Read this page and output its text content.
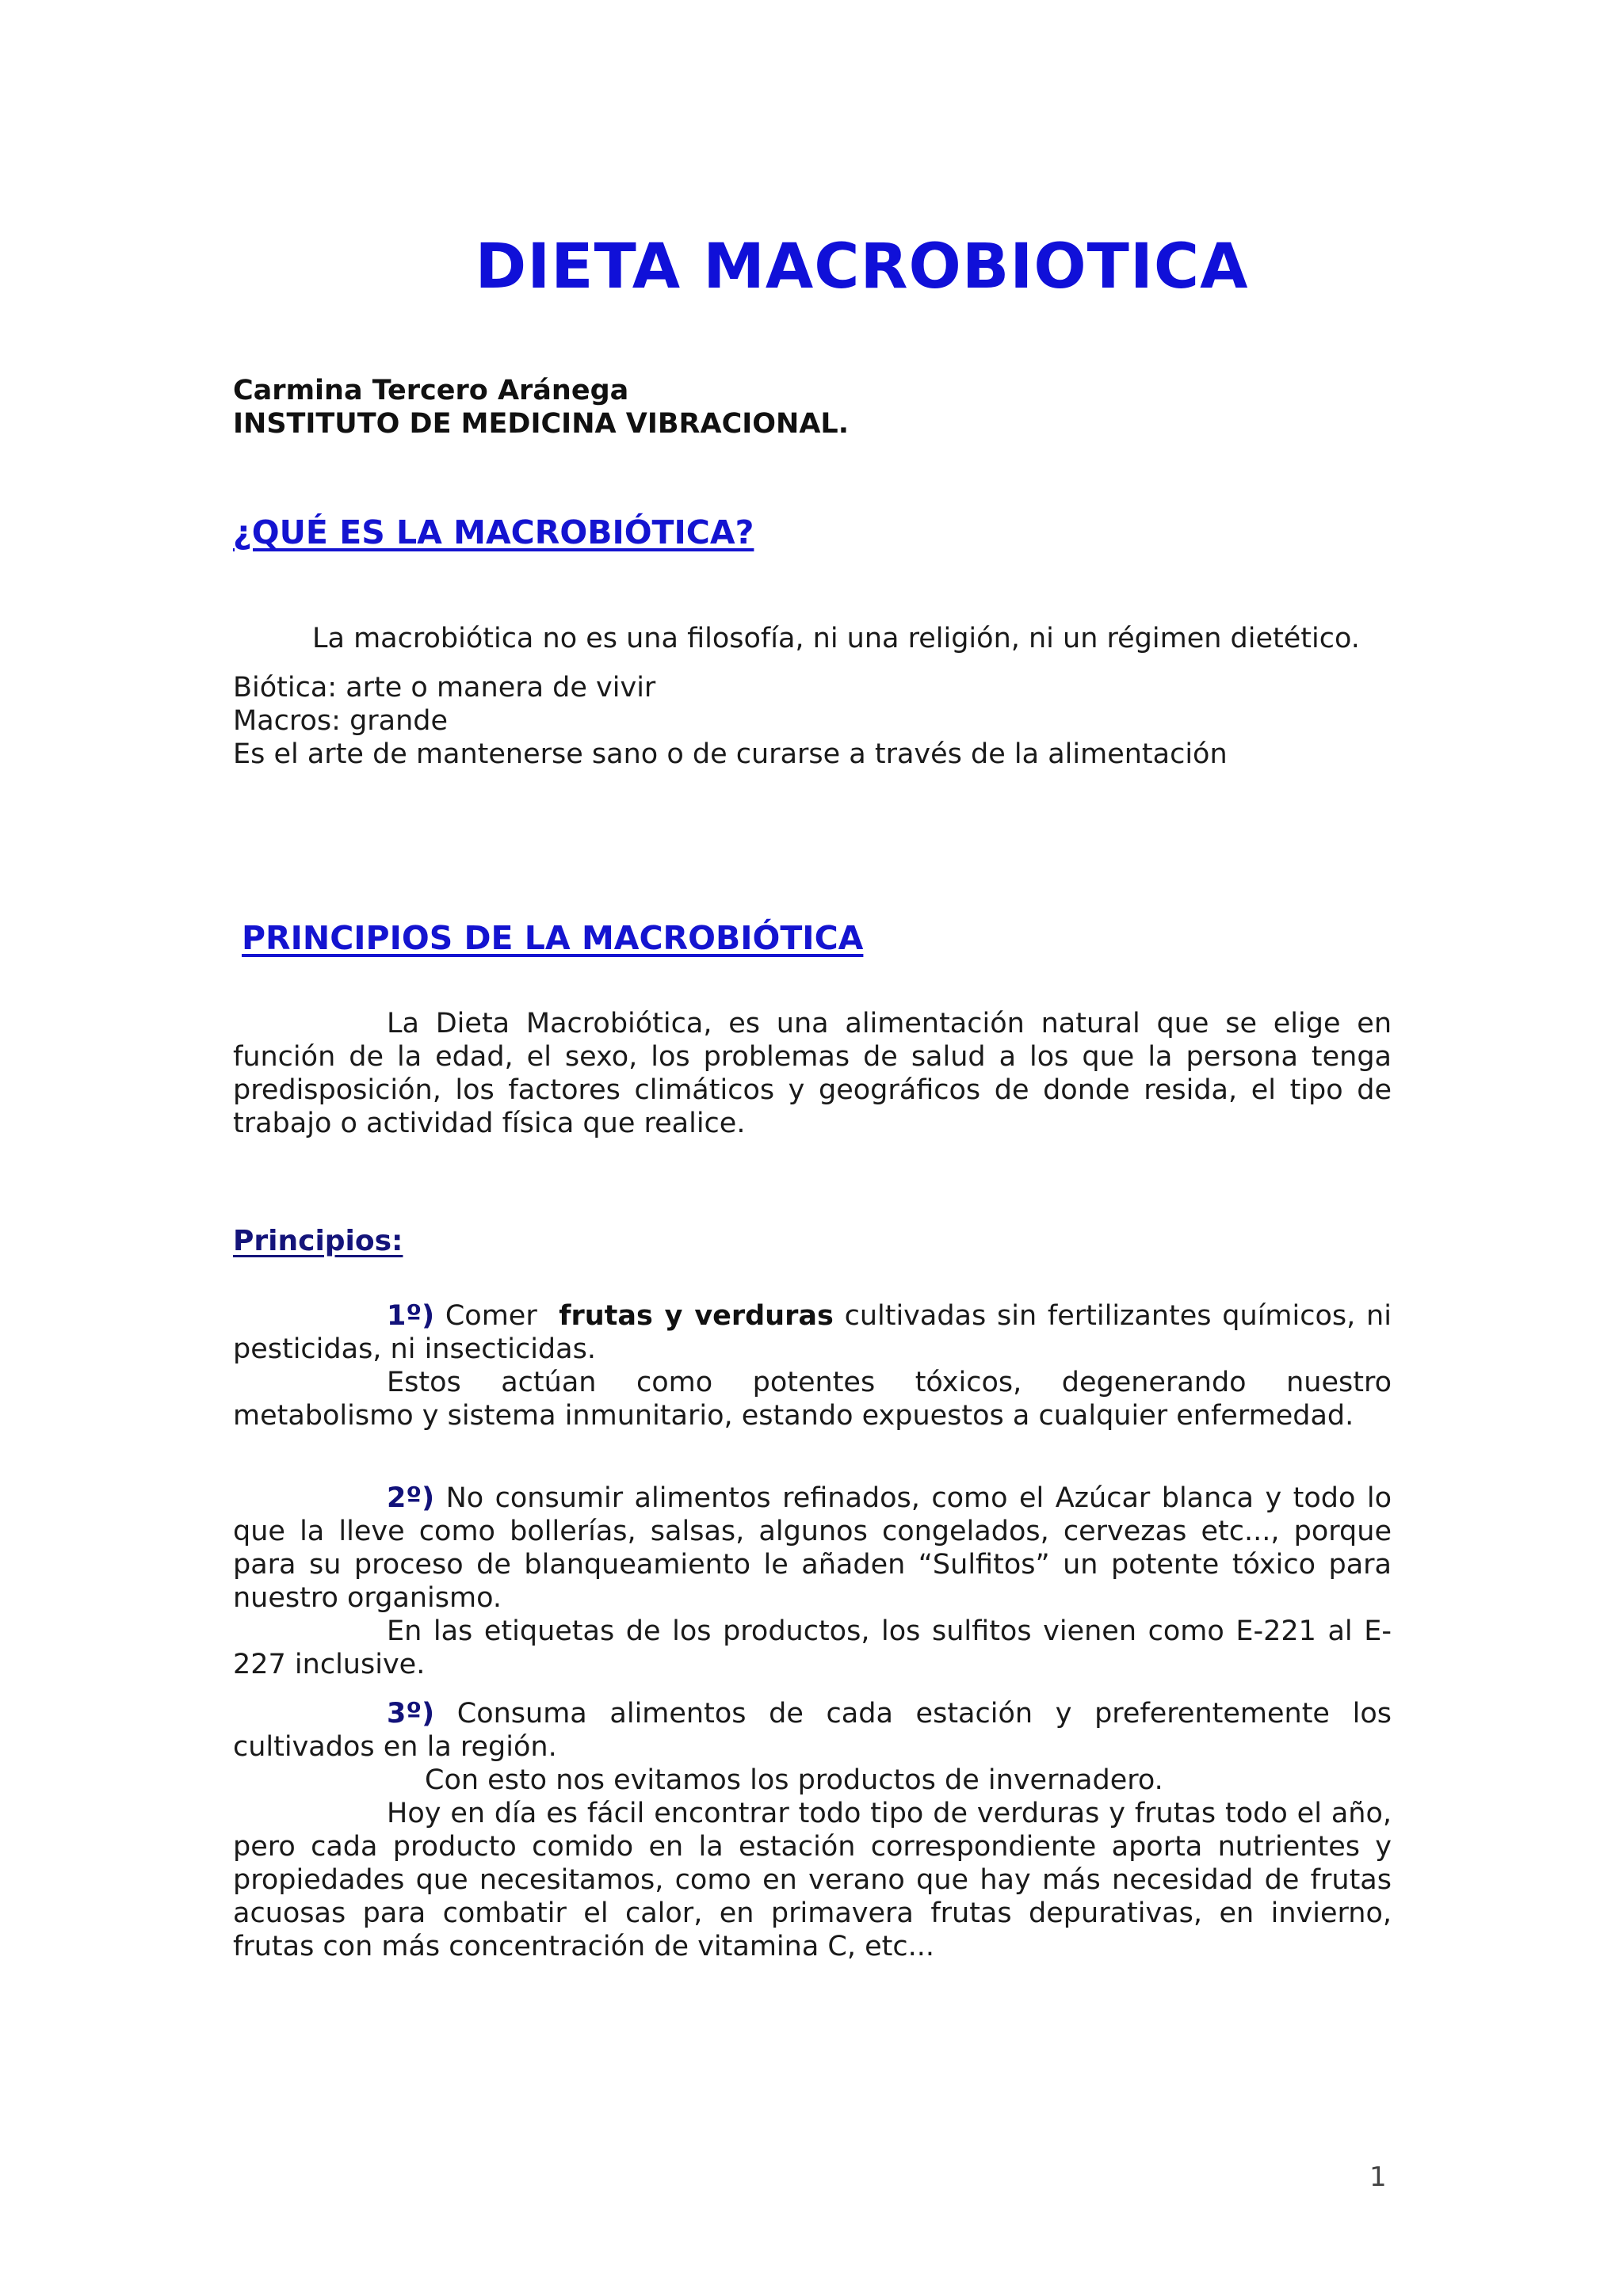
DIETA MACROBIOTICA
Carmina Tercero Aránega
INSTITUTO DE MEDICINA VIBRACIONAL.
¿QUÉ ES LA MACROBIÓTICA?

La macrobiótica no es una filosofía, ni una religión, ni un régimen dietético.

Biótica: arte o manera de vivir
Macros: grande
Es el arte de mantenerse sano o de curarse a través de la alimentación
PRINCIPIOS DE LA MACROBIÓTICA

La Dieta Macrobiótica, es una alimentación natural que se elige en función de la edad, el sexo, los problemas de salud a los que la persona tenga predisposición, los factores climáticos y geográficos de donde resida, el tipo de trabajo o actividad física que realice.

Principios:

1º) Comer frutas y verduras cultivadas sin fertilizantes químicos, ni pesticidas, ni insecticidas.

Estos actúan como potentes tóxicos, degenerando nuestro metabolismo y sistema inmunitario, estando expuestos a cualquier enfermedad.

2º) No consumir alimentos refinados, como el Azúcar blanca y todo lo que la lleve como bollerías, salsas, algunos congelados, cervezas etc..., porque para su proceso de blanqueamiento le añaden “Sulfitos” un potente tóxico para nuestro organismo.

En las etiquetas de los productos, los sulfitos vienen como E-221 al E-227 inclusive.

3º) Consuma alimentos de cada estación y preferentemente los cultivados en la región.

Con esto nos evitamos los productos de invernadero.

Hoy en día es fácil encontrar todo tipo de verduras y frutas todo el año, pero cada producto comido en la estación correspondiente aporta nutrientes y propiedades que necesitamos, como en verano que hay más necesidad de frutas acuosas para combatir el calor, en primavera frutas depurativas, en invierno, frutas con más concentración de vitamina C, etc...

1
